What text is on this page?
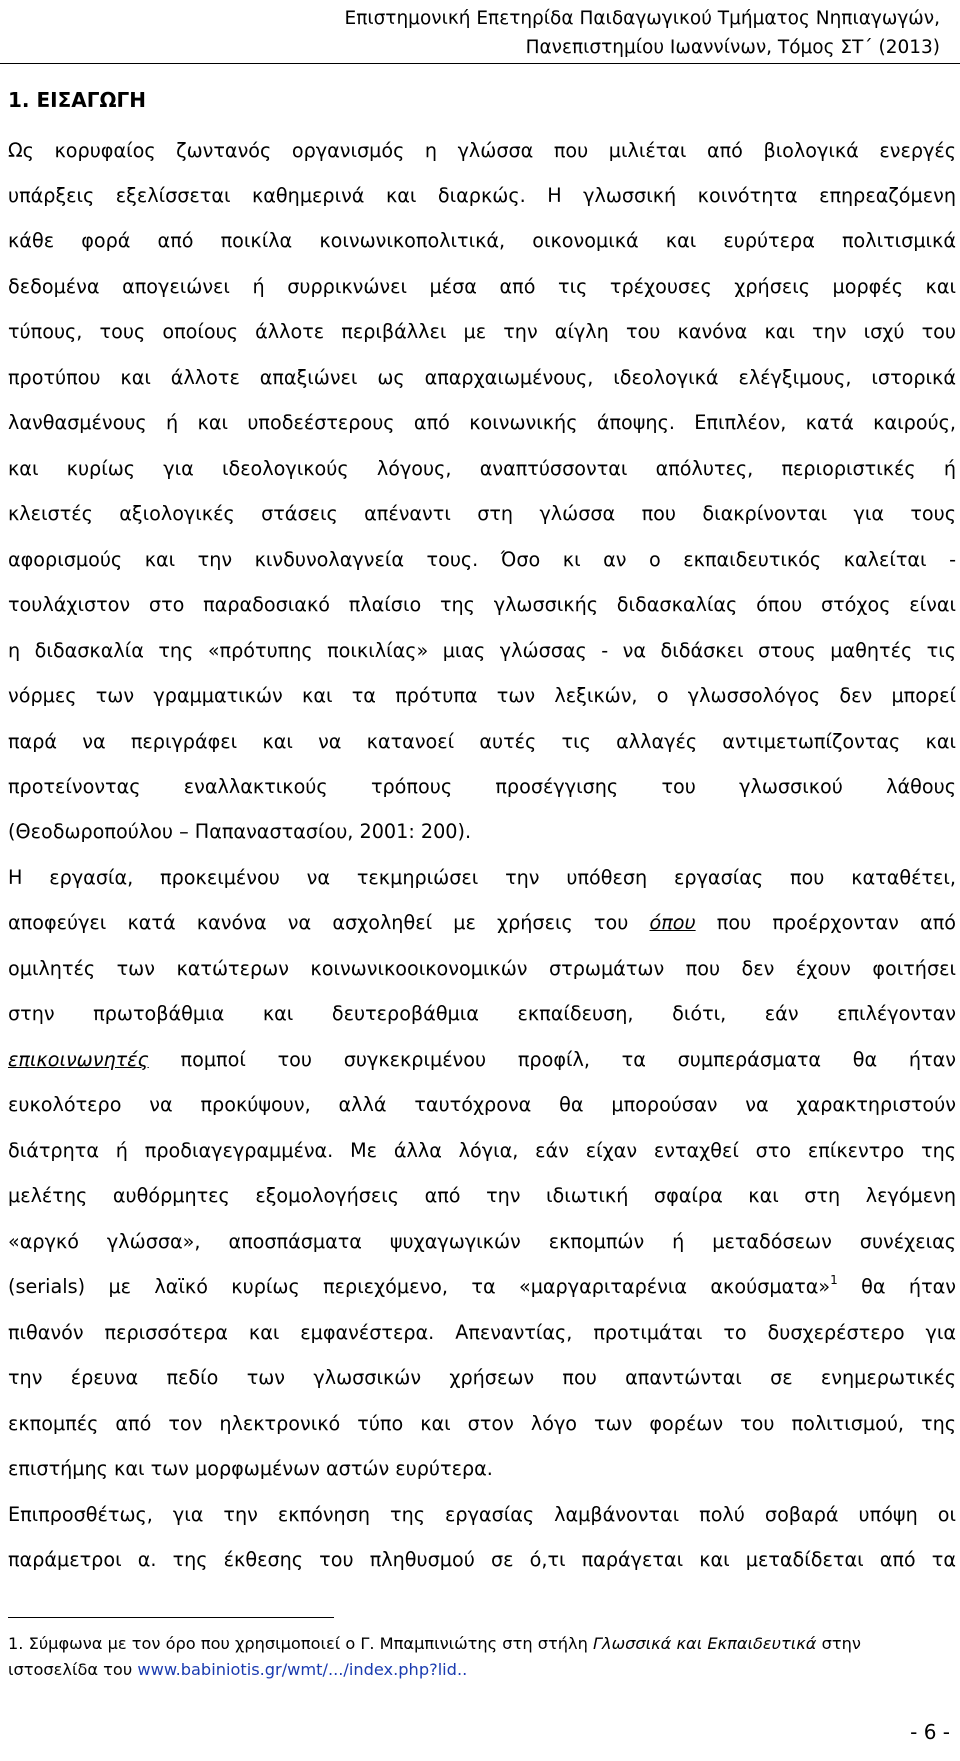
Επιστημονική Επετηρίδα Παιδαγωγικού Τμήματος Νηπιαγωγών,
Πανεπιστημίου Ιωαννίνων, Τόμος ΣΤ΄ (2013)
1. ΕΙΣΑΓΩΓΗ
Ως κορυφαίος ζωντανός οργανισμός η γλώσσα που μιλιέται από βιολογικά ενεργές
υπάρξεις εξελίσσεται καθημερινά και διαρκώς. Η γλωσσική κοινότητα επηρεαζόμενη
κάθε φορά από ποικίλα κοινωνικοπολιτικά, οικονομικά και ευρύτερα πολιτισμικά
δεδομένα απογειώνει ή συρρικνώνει μέσα από τις τρέχουσες χρήσεις μορφές και
τύπους, τους οποίους άλλοτε περιβάλλει με την αίγλη του κανόνα και την ισχύ του
προτύπου και άλλοτε απαξιώνει ως απαρχαιωμένους, ιδεολογικά ελέγξιμους, ιστορικά
λανθασμένους ή και υποδεέστερους από κοινωνικής άποψης. Επιπλέον, κατά καιρούς,
και κυρίως για ιδεολογικούς λόγους, αναπτύσσονται απόλυτες, περιοριστικές ή
κλειστές αξιολογικές στάσεις απέναντι στη γλώσσα που διακρίνονται για τους
αφορισμούς και την κινδυνολαγνεία τους. Όσο κι αν ο εκπαιδευτικός καλείται -
τουλάχιστον στο παραδοσιακό πλαίσιο της γλωσσικής διδασκαλίας όπου στόχος είναι
η διδασκαλία της «πρότυπης ποικιλίας» μιας γλώσσας - να διδάσκει στους μαθητές τις
νόρμες των γραμματικών και τα πρότυπα των λεξικών, ο γλωσσολόγος δεν μπορεί
παρά να περιγράφει και να κατανοεί αυτές τις αλλαγές αντιμετωπίζοντας και
προτείνοντας εναλλακτικούς τρόπους προσέγγισης του γλωσσικού λάθους
(Θεοδωροπούλου – Παπαναστασίου, 2001: 200).
Η εργασία, προκειμένου να τεκμηριώσει την υπόθεση εργασίας που καταθέτει,
αποφεύγει κατά κανόνα να ασχοληθεί με χρήσεις του όπου που προέρχονταν από
ομιλητές των κατώτερων κοινωνικοοικονομικών στρωμάτων που δεν έχουν φοιτήσει
στην πρωτοβάθμια και δευτεροβάθμια εκπαίδευση, διότι, εάν επιλέγονταν
επικοινωνητές πομποί του συγκεκριμένου προφίλ, τα συμπεράσματα θα ήταν
ευκολότερο να προκύψουν, αλλά ταυτόχρονα θα μπορούσαν να χαρακτηριστούν
διάτρητα ή προδιαγεγραμμένα. Με άλλα λόγια, εάν είχαν ενταχθεί στο επίκεντρο της
μελέτης αυθόρμητες εξομολογήσεις από την ιδιωτική σφαίρα και στη λεγόμενη
«αργκό γλώσσα», αποσπάσματα ψυχαγωγικών εκπομπών ή μεταδόσεων συνέχειας
(serials) με λαϊκό κυρίως περιεχόμενο, τα «μαργαριταρένια ακούσματα»$^1$ θα ήταν
πιθανόν περισσότερα και εμφανέστερα. Απεναντίας, προτιμάται το δυσχερέστερο για
την έρευνα πεδίο των γλωσσικών χρήσεων που απαντώνται σε ενημερωτικές
εκπομπές από τον ηλεκτρονικό τύπο και στον λόγο των φορέων του πολιτισμού, της
επιστήμης και των μορφωμένων αστών ευρύτερα.
Επιπροσθέτως, για την εκπόνηση της εργασίας λαμβάνονται πολύ σοβαρά υπόψη οι
παράμετροι α. της έκθεσης του πληθυσμού σε ό,τι παράγεται και μεταδίδεται από τα
1. Σύμφωνα με τον όρο που χρησιμοποιεί ο Γ. Μπαμπινιώτης στη στήλη Γλωσσικά και Εκπαιδευτικά στην
ιστοσελίδα του www.babiniotis.gr/wmt/.../index.php?lid..
- 6 -
